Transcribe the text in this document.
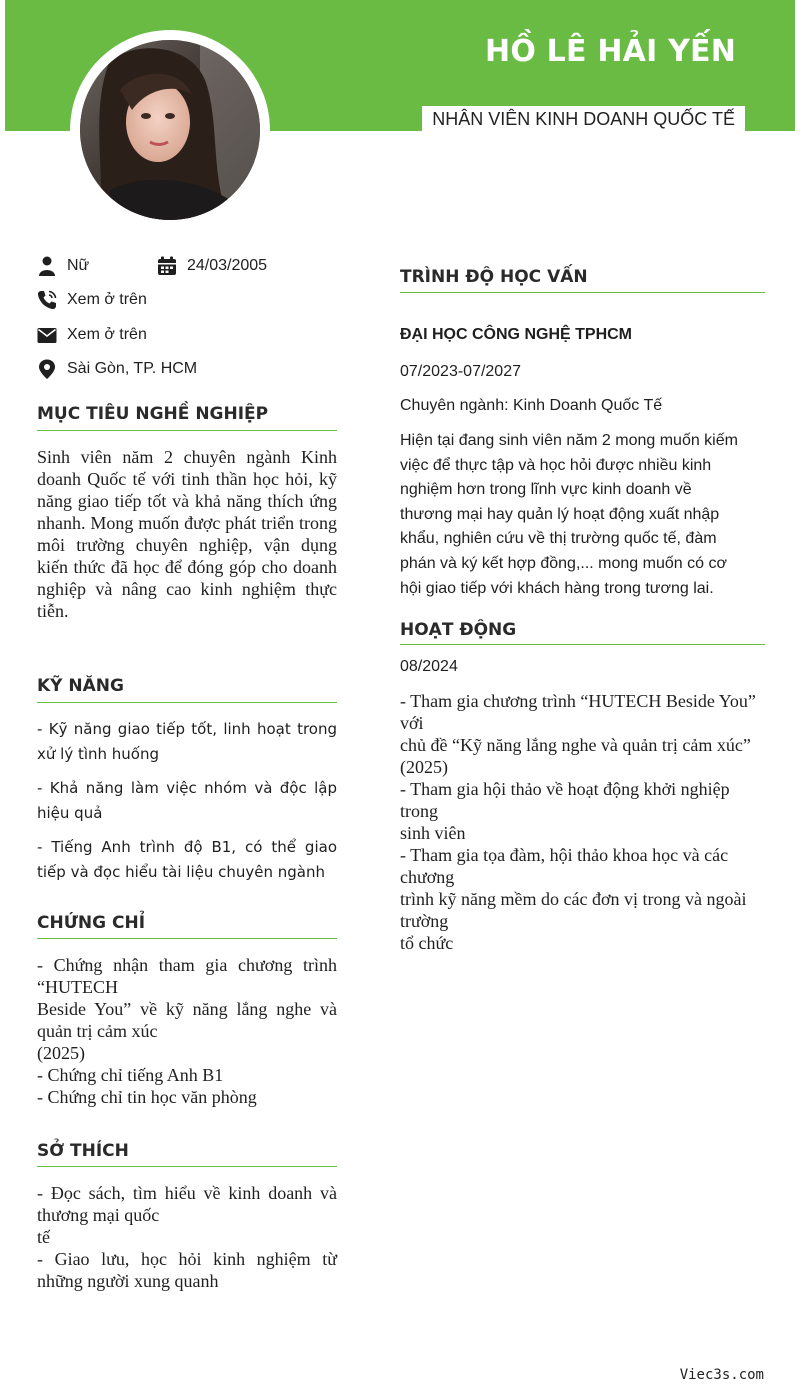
HỒ LÊ HẢI YẾN
NHÂN VIÊN KINH DOANH QUỐC TẾ
Nữ	24/03/2005
Xem ở trên
Xem ở trên
Sài Gòn, TP. HCM
MỤC TIÊU NGHỀ NGHIỆP
Sinh viên năm 2 chuyên ngành Kinh doanh Quốc tế với tinh thần học hỏi, kỹ năng giao tiếp tốt và khả năng thích ứng nhanh. Mong muốn được phát triển trong môi trường chuyên nghiệp, vận dụng kiến thức đã học để đóng góp cho doanh nghiệp và nâng cao kinh nghiệm thực tiễn.
KỸ NĂNG
- Kỹ năng giao tiếp tốt, linh hoạt trong xử lý tình huống
- Khả năng làm việc nhóm và độc lập hiệu quả
- Tiếng Anh trình độ B1, có thể giao tiếp và đọc hiểu tài liệu chuyên ngành
CHỨNG CHỈ
- Chứng nhận tham gia chương trình “HUTECH
Beside You” về kỹ năng lắng nghe và quản trị cảm xúc
(2025)
- Chứng chỉ tiếng Anh B1
- Chứng chỉ tin học văn phòng
SỞ THÍCH
- Đọc sách, tìm hiểu về kinh doanh và thương mại quốc
tế
- Giao lưu, học hỏi kinh nghiệm từ những người xung quanh
TRÌNH ĐỘ HỌC VẤN
ĐẠI HỌC CÔNG NGHỆ TPHCM
07/2023-07/2027
Chuyên ngành: Kinh Doanh Quốc Tế
Hiện tại đang sinh viên năm 2 mong muốn kiếm
việc để thực tập và học hỏi được nhiều kinh
nghiệm hơn trong lĩnh vực kinh doanh về
thương mại hay quản lý hoạt động xuất nhập
khẩu, nghiên cứu về thị trường quốc tế, đàm
phán và ký kết hợp đồng,... mong muốn có cơ
hội giao tiếp với khách hàng trong tương lai.
HOẠT ĐỘNG
08/2024
- Tham gia chương trình “HUTECH Beside You” với
chủ đề “Kỹ năng lắng nghe và quản trị cảm xúc”
(2025)
- Tham gia hội thảo về hoạt động khởi nghiệp trong
sinh viên
- Tham gia tọa đàm, hội thảo khoa học và các chương
trình kỹ năng mềm do các đơn vị trong và ngoài trường
tổ chức
Viec3s.com
